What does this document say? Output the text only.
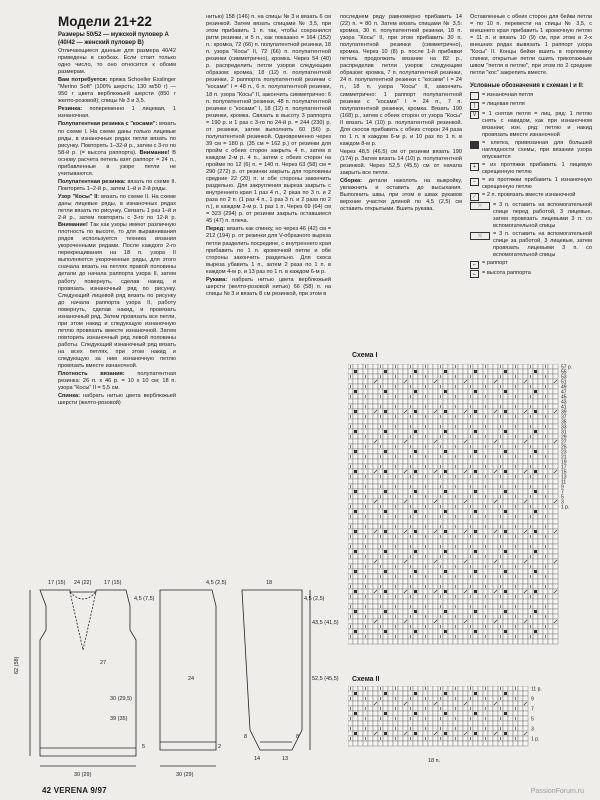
Модели 21+22
Размеры 50/52 — мужской пуловер А (40/42 — женский пуловер В)
Отличающиеся данные для размера 40/42 приведены в скобках. Если стоит только одно число, то оно относится к обоим размерам.
Вам потребуется: пряжа Schoeller Esslinger "Merino Soft" (100% шерсть; 130 м/50 г) — 950 г цвета верблюжьей шерсти (850 г желто-розовой); спицы № 3 и 3,5.
Резинка: попеременно 1 лицевая, 1 изнаночная.
Полупатентная резинка с "косами": вязать по схеме I. На схеме даны только лицевые ряды, в изнаночных рядах петли вязать по рисунку. Повторять 1–32-й р., затем с 3-го по 58-й р. (= высота раппорта). Внимание! В основу расчета петель взят раппорт = 24 п., прибавленные в узоре петли не учитываются.
Полупатентная резинка: вязать по схеме II. Повторять 1–2-й р., затем 1–й и 2-й ряды.
Узор "Косы" II: вязать по схеме II. На схеме даны лицевые ряды, в изнаночных рядах петли вязать по рисунку. Связать 1 раз 1–й и 2-й р., затем повторять с 3-го по 12-й р. Внимание! Так как узоры имеют различную плотность по высоте, то для выравнивания рядов используется техника вязания укороченными рядами. После каждого 2-го перекрещивания на 18 п. узора II выполняются укороченные ряды, для этого сначала вязать на петлях правой половины детали до начала раппорта узора II, затем работу повернуть, сделав накид, и провязать изнаночный ряд по рисунку. Следующий лицевой ряд вязать по рисунку до начала раппорта узора II, работу повернуть, сделав накид, и провязать изнаночный ряд. Затем провязать все петли, при этом накид и следующую изнаночную петлю провязать вместе изнаночной. Затем повторить изнаночный ряд левой половины работы. Следующий изнаночный ряд вязать на всех петлях, при этом накид и следующую за ним изнаночную петлю провязать вместе изнаночной.
Плотность вязания: полупатентная резинка: 26 п. х 46 р. = 10 х 10 см; 18 п. узора "Косы" II = 5,5 см.
Спинка: набрать нитью цвета верблюжьей шерсти (желто-розовой)
нитью) 158 (146) п. на спицы № 3 и вязать 6 см резинкой. Затем вязать спицами № 3,5, при этом прибавить 1 п. так, чтобы сохранился ритм резинки, и 5 п., как показано = 164 (152) п.: кромка, 72 (66) п. полупатентной резинки, 18 п. узора "Косы" II, 72 (66) п. полупатентной резинки (симметрично), кромка. Через 54 (40) р. распределить петли узоров следующим образом: кромка, 18 (12) п. полупатентной резинки, 2 раппорта полупатентной резинки с "косами" I = 48 п., 6 п. полупатентной резинки, 18 п. узора "Косы" II, закончить симметрично: 6 п. полупатентной резинки, 48 п. полупатентной резинки с "косами" I, 18 (12) п. полупатентной резинки, кромка. Связать в высоту 3 раппорта = 190 р. и 1 раз с 3-го по 24-й р. = 244 (230) р. от резинки, затем выполнить 60 (56) р. полупатентной резинкой. Одновременно через 39 см = 180 р. (35 см = 162 р.) от резинки для пройм с обеих сторон закрыть 4 п., затем в каждом 2-м р. 4 п., затем с обеих сторон на пройме по 12 (6) п. = 140 п. Через 63 (58) см = 290 (272) р. от резинки закрыть для горловины средние 22 (20) п. и обе стороны закончить раздельно. Для закругления выреза закрыть с внутреннего края 1 раз 4 п., 2 раза по 3 п. и 2 раза по 2 п. (1 раз 4 п., 1 раз 3 п. и 2 раза по 2 п.), в каждом 2-м р. 1 раз 1 п. Через 69 (64) см = 323 (294) р. от резинки закрыть оставшиеся 45 (47) п. плеча.
Перед: вязать как спинку, но через 46 (42) см = 212 (194) р. от резинки для V-образного выреза петли разделить посредине, с внутреннего края прибавить по 1 п. кромочной петле и обе стороны закончить раздельно. Для скоса выреза убавить 1 п., затем 2 раза по 1 п. в каждом 4-м р. и 13 раз по 1 п. в каждом 6-м р.
Рукава: набрать нитью цвета верблюжьей шерсти (желто-розовой нитью) 66 (58) п. на спицы № 3 и вязать 8 см резинкой, при этом в
последнем ряду равномерно прибавить 14 (22) п. = 80 п. Затем вязать спицами № 3,5: кромка, 30 п. полупатентной резинки, 18 п. узора "Косы" II, при этом прибавить 30 п. полупатентной резинки (симметрично), кромка. Через 10 (8) р. после 1-й прибавки петель продолжить вязание на 82 р., распределив петли узоров следующим образом: кромка, 7 п. полупатентной резинки, 24 п. полупатентной резинки с "косами" I = 24 п., 18 п. узора "Косы" II, закончить симметрично: 1 раппорт полупатентной резинки с "косами" I = 24 п., 7 п. полупатентной резинки, кромка. Вязать 190 (168) р., затем с обеих сторон от узора "Косы" II вязать 14 (10) р. полупатентной резинкой. Для скосов прибавить с обеих сторон 24 раза по 1 п. в каждом 6-м р. и 10 раз по 1 п. в каждом 8-м р.
Через 48,5 (46,5) см от резинки вязать 190 (174) р. Затем вязать 14 (10) р. полупатентной резинкой. Через 52,5 (45,5) см от начала закрыть все петли.
Сборка: детали наколоть на выкройку, увлажнить и оставить до высыхания. Выполнить швы, при этом в швах рукавов верхние участки длиной по 4,5 (2,5) см оставить открытыми. Вшить рукава.
Оставленные с обеих сторон для бейки петли = по 10 п. перевести на спицы № 3,5, с внешнего края прибавить 1 кромочную петлю = 11 п. и вязать 10 (9) см, при этом в 2-х внешних рядах вывязать 1 раппорт узора "Косы" II. Концы бейки вшить в горловину спинки, открытые петли сшить трикотажным швом "петля в петлю", при этом по 2 средние петли "кос" закрепить вместе.
Условные обозначения к схемам I и II:
= изнаночная петля
|	= лицевая петля
V	= 1 снятая петля = лиц. ряд: 1 петлю снять с накидом, как при изнаночном вязании; изн. ряд: петлю и накид провязать вместе изнаночной
= клетка, привязанная для большей наглядности схемы, при вязании узора опускается
+	= из протяжки прибавить 1 лицевую скрещенную петлю
−	= из протяжки прибавить 1 изнаночную скрещенную петлю
⟋	= 2 п. провязать вместе изнаночной
⤫	= 3 п. оставить на вспомогательной спице перед работой, 3 лицевые, затем провязать лицевыми 3 п. со вспомогательной спицы
⤬	= 3 п. оставить на вспомогательной спице за работой, 3 лицевые, затем провязать лицевыми 3 п. со вспомогательной спицы
⌐	= раппорт
⌙ = высота раппорта
Схема I
57 р.
55
53
51
49
47
45
43
41
39
37
35
33
31
29
27
25
23
21
19
17
15
13
11
9
7
5
3
1 р.
Схема II
11 р.
9
7
5
3
1 р.
18 п.
17 (15) 24 (22) 17 (15)
4,5 (7,5)
4,5 (2,5)
27
62 (58)
30 (29,5)
39 (35)
24
5	2
30 (29)	30 (29)
43,5 (41,5)
52,5 (45,5)
4,5 (2,5)
14	13
18
8	8
42 VERENA 9/97	PassionForum.ru
